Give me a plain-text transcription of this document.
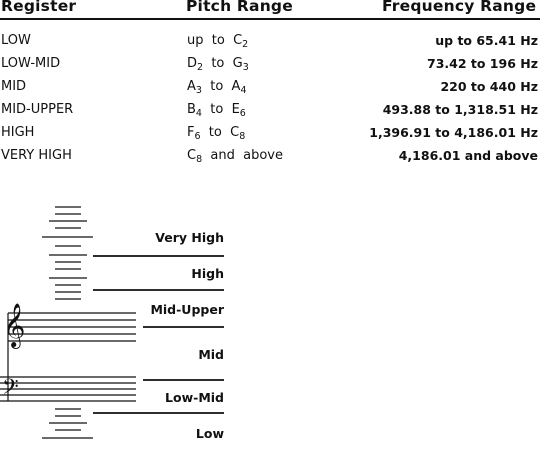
Register	Pitch Range	Frequency Range
LOW	up to $C_2$	up to 65.41 Hz
LOW-MID	$D_2$ to $G_3$	73.42 to 196 Hz
MID	$A_3$ to $A_4$	220 to 440 Hz
MID-UPPER	$B_4$ to $E_6$	493.88 to 1,318.51 Hz
HIGH	$F_6$ to $C_8$	1,396.91 to 4,186.01 Hz
VERY HIGH	$C_8$ and above	4,186.01 and above
𝄞
𝄢
Very High
High
Mid-Upper
Mid
Low-Mid
Low
